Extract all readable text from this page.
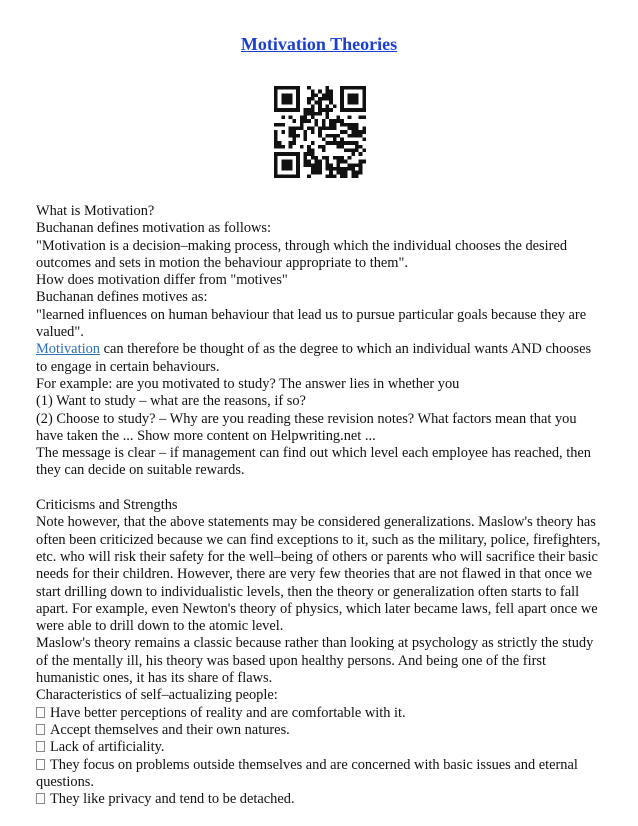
Motivation Theories

What is Motivation?

Buchanan defines motivation as follows:

"Motivation is a decision–making process, through which the individual chooses the desired outcomes and sets in motion the behaviour appropriate to them".

How does motivation differ from "motives"

Buchanan defines motives as:

"learned influences on human behaviour that lead us to pursue particular goals because they are valued".

Motivation can therefore be thought of as the degree to which an individual wants AND chooses to engage in certain behaviours.

For example: are you motivated to study? The answer lies in whether you

(1) Want to study – what are the reasons, if so?

(2) Choose to study? – Why are you reading these revision notes? What factors mean that you have taken the ... Show more content on Helpwriting.net ...

The message is clear – if management can find out which level each employee has reached, then they can decide on suitable rewards.

Criticisms and Strengths

Note however, that the above statements may be considered generalizations. Maslow's theory has often been criticized because we can find exceptions to it, such as the military, police, firefighters, etc. who will risk their safety for the well–being of others or parents who will sacrifice their basic needs for their children. However, there are very few theories that are not flawed in that once we start drilling down to individualistic levels, then the theory or generalization often starts to fall apart. For example, even Newton's theory of physics, which later became laws, fell apart once we were able to drill down to the atomic level.

Maslow's theory remains a classic because rather than looking at psychology as strictly the study of the mentally ill, his theory was based upon healthy persons. And being one of the first humanistic ones, it has its share of flaws.

Characteristics of self–actualizing people:

Have better perceptions of reality and are comfortable with it.

Accept themselves and their own natures.

Lack of artificiality.

They focus on problems outside themselves and are concerned with basic issues and eternal questions.

They like privacy and tend to be detached.
